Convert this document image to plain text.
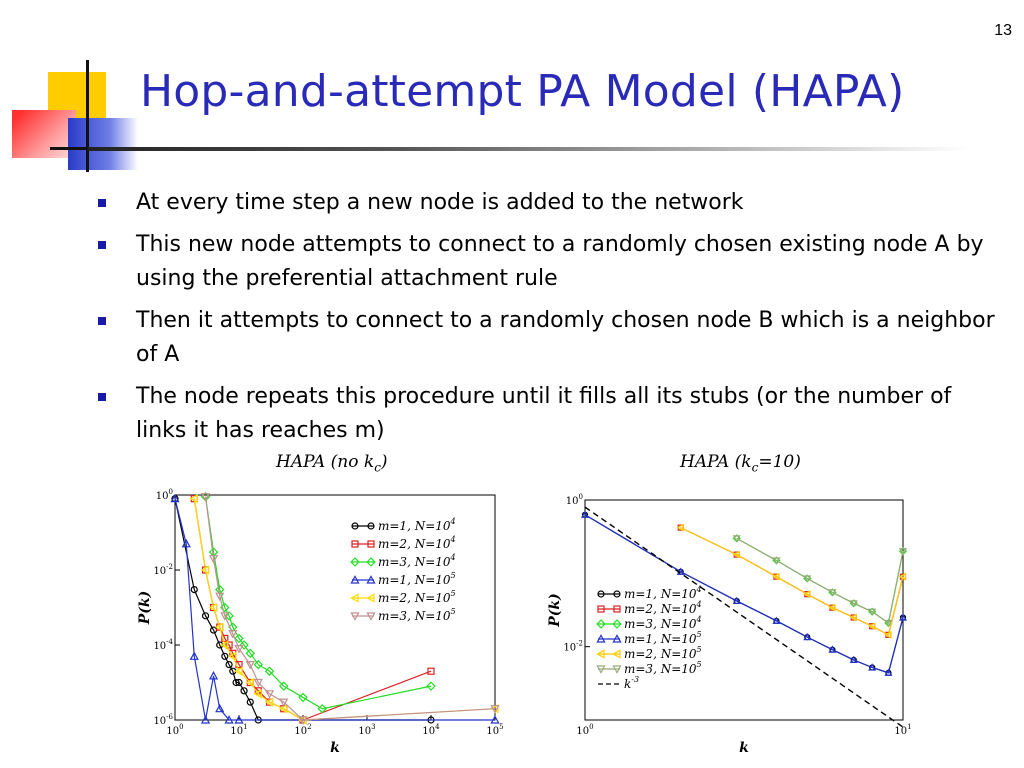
13
Hop-and-attempt PA Model (HAPA)
At every time step a new node is added to the network
This new node attempts to connect to a randomly chosen existing node A by using the preferential attachment rule
Then it attempts to connect to a randomly chosen node B which is a neighbor of A
The node repeats this procedure until it fills all its stubs (or the number of links it has reaches m)
HAPA (no $k_c$)	HAPA $(k_c=10)$
$10^0$	$10^1$	$10^2$	$10^3$	$10^4$	$10^5$
$10^0$
$10^{-2}$
$10^{-4}$
$10^{-6}$
k
P(k)
m=1, $N=10^4$
m=2, $N=10^4$
m=3, $N=10^4$
m=1, $N=10^5$
m=2, $N=10^5$
m=3, $N=10^5$
$10^0$	$10^1$
$10^0$
$10^{-2}$
k
P(k)	m=1, $N=10^4$
m=2, $N=10^4$
m=3, $N=10^4$
m=1, $N=10^5$
m=2, $N=10^5$
m=3, $N=10^5$
$k^{-3}$
